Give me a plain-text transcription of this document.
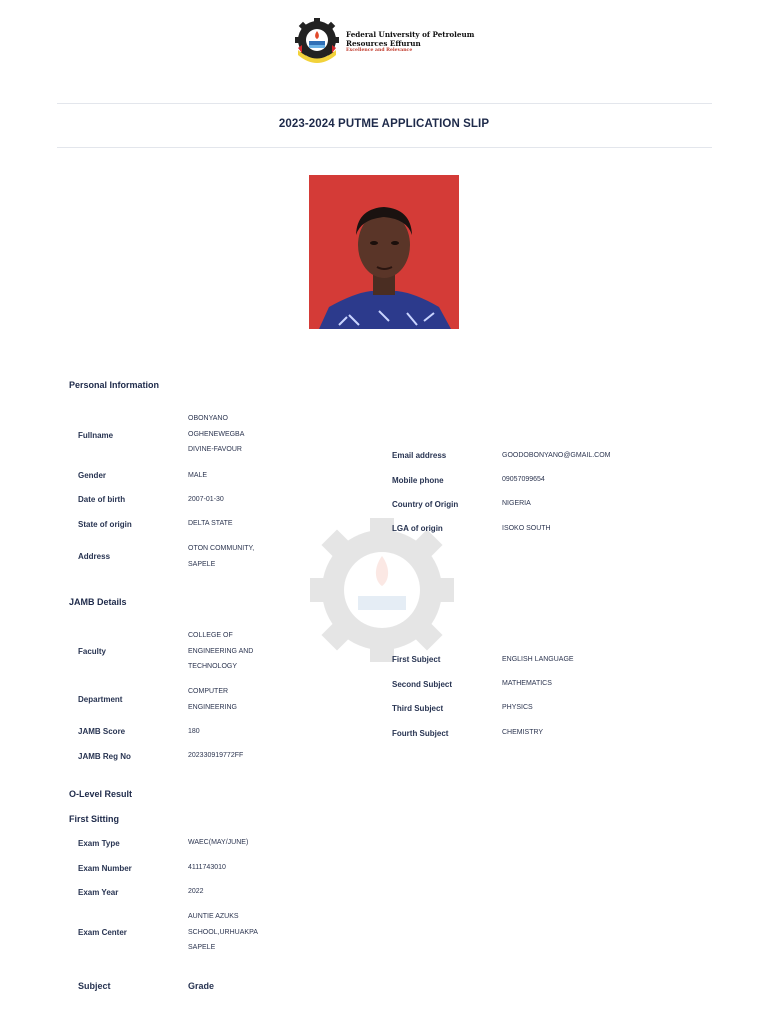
Federal University of Petroleum
Resources Effurun
Excellence and Relevance
2023-2024 PUTME APPLICATION SLIP
Personal Information
Fullname
OBONYANO OGHENEWEGBA DIVINE-FAVOUR
Gender	MALE
Date of birth	2007-01-30
State of origin	DELTA STATE
Address
OTON COMMUNITY, SAPELE
Email address	GOODOBONYANO@GMAIL.COM
Mobile phone	09057099654
Country of Origin	NIGERIA
LGA of origin	ISOKO SOUTH
JAMB Details
Faculty
COLLEGE OF ENGINEERING AND TECHNOLOGY
Department
COMPUTER ENGINEERING
JAMB Score	180
JAMB Reg No	202330919772FF
First Subject	ENGLISH LANGUAGE
Second Subject	MATHEMATICS
Third Subject	PHYSICS
Fourth Subject	CHEMISTRY
O-Level Result
First Sitting
Exam Type	WAEC(MAY/JUNE)
Exam Number	4111743010
Exam Year	2022
Exam Center
AUNTIE AZUKS SCHOOL,URHUAKPA SAPELE
Subject	Grade
